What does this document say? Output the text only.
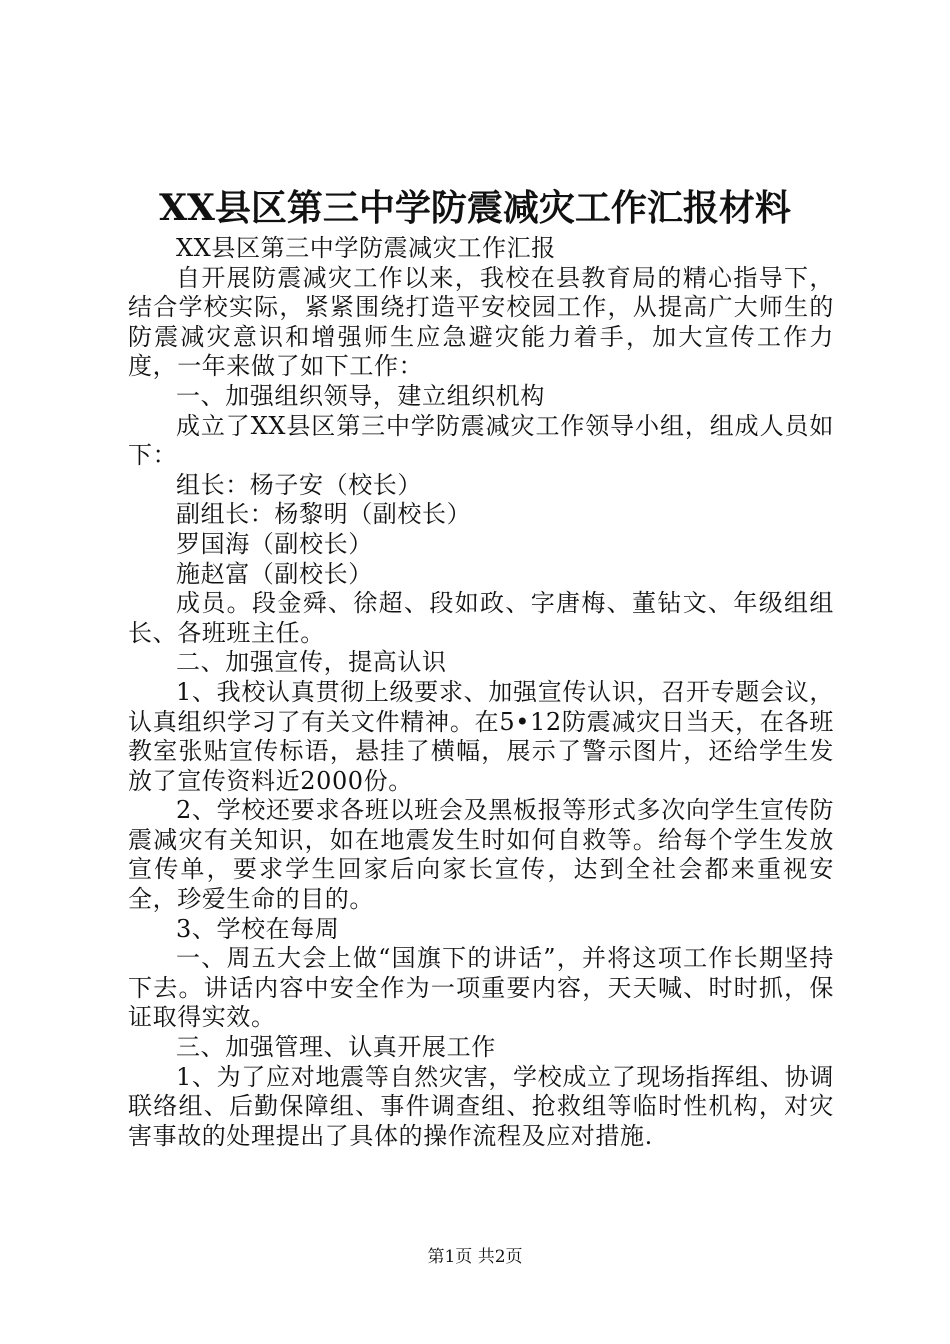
XX县区第三中学防震减灾工作汇报材料

XX县区第三中学防震减灾工作汇报

自开展防震减灾工作以来，我校在县教育局的精心指导下，结合学校实际，紧紧围绕打造平安校园工作，从提高广大师生的防震减灾意识和增强师生应急避灾能力着手，加大宣传工作力度，一年来做了如下工作：

一、加强组织领导，建立组织机构

成立了XX县区第三中学防震减灾工作领导小组，组成人员如下：

组长：杨子安（校长）

副组长：杨黎明（副校长）

罗国海（副校长）

施赵富（副校长）

成员。段金舜、徐超、段如政、字唐梅、董钻文、年级组组长、各班班主任。

二、加强宣传，提高认识

1、我校认真贯彻上级要求、加强宣传认识，召开专题会议，认真组织学习了有关文件精神。在5•12防震减灾日当天，在各班教室张贴宣传标语，悬挂了横幅，展示了警示图片，还给学生发放了宣传资料近2000份。

2、学校还要求各班以班会及黑板报等形式多次向学生宣传防震减灾有关知识，如在地震发生时如何自救等。给每个学生发放宣传单，要求学生回家后向家长宣传，达到全社会都来重视安全，珍爱生命的目的。

3、学校在每周

一、周五大会上做“国旗下的讲话”，并将这项工作长期坚持下去。讲话内容中安全作为一项重要内容，天天喊、时时抓，保证取得实效。

三、加强管理、认真开展工作

1、为了应对地震等自然灾害，学校成立了现场指挥组、协调联络组、后勤保障组、事件调查组、抢救组等临时性机构，对灾害事故的处理提出了具体的操作流程及应对措施.

第1页 共2页
